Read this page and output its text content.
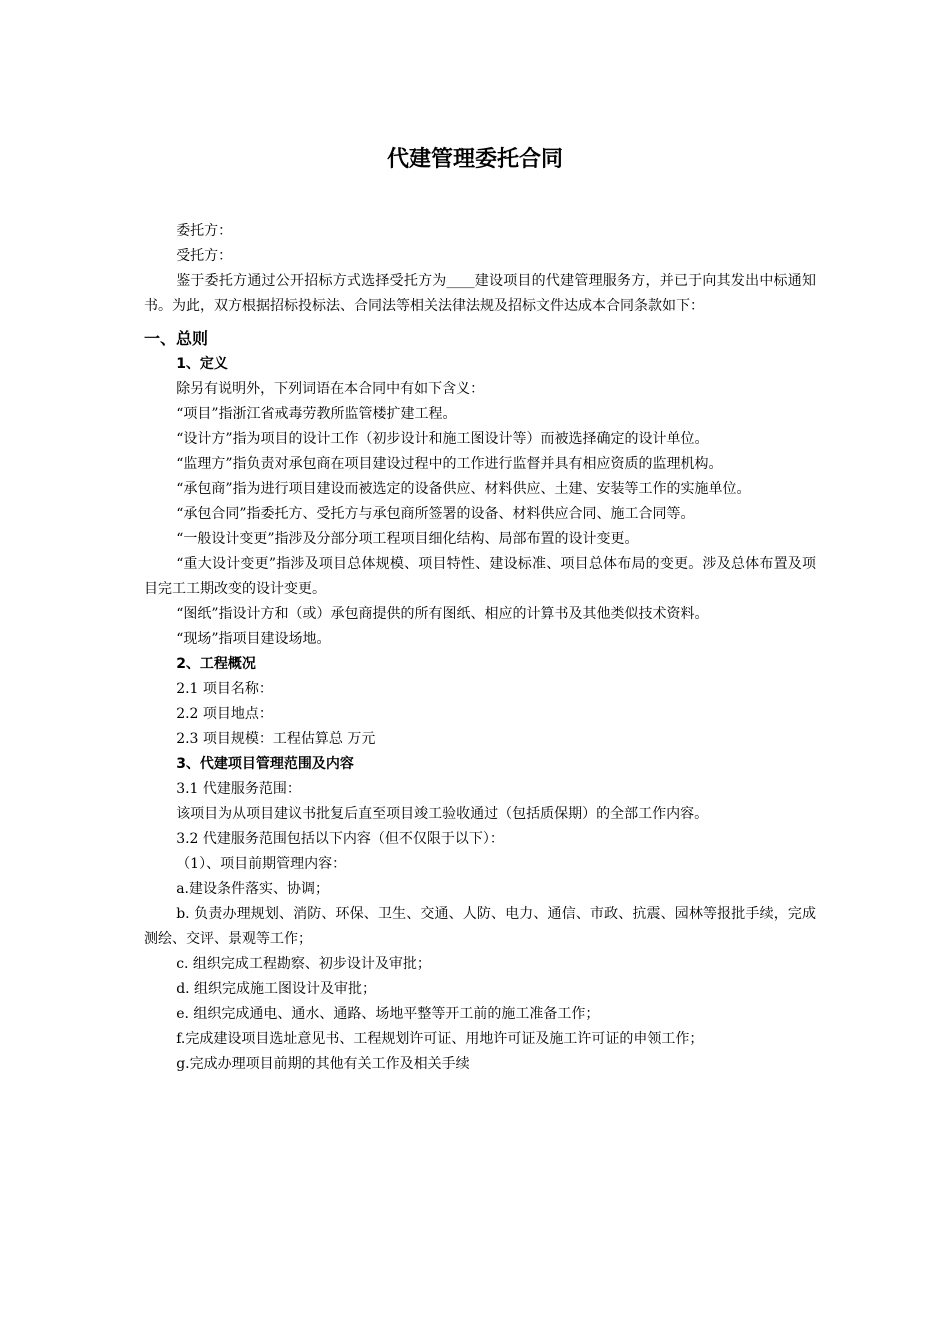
代建管理委托合同

委托方：

受托方：

鉴于委托方通过公开招标方式选择受托方为____建设项目的代建管理服务方，并已于向其发出中标通知书。为此，双方根据招标投标法、合同法等相关法律法规及招标文件达成本合同条款如下：

一、总则
1、定义

除另有说明外，下列词语在本合同中有如下含义：

“项目”指浙江省戒毒劳教所监管楼扩建工程。

“设计方”指为项目的设计工作（初步设计和施工图设计等）而被选择确定的设计单位。

“监理方”指负责对承包商在项目建设过程中的工作进行监督并具有相应资质的监理机构。

“承包商”指为进行项目建设而被选定的设备供应、材料供应、土建、安装等工作的实施单位。

“承包合同”指委托方、受托方与承包商所签署的设备、材料供应合同、施工合同等。

“一般设计变更”指涉及分部分项工程项目细化结构、局部布置的设计变更。

“重大设计变更”指涉及项目总体规模、项目特性、建设标准、项目总体布局的变更。涉及总体布置及项目完工工期改变的设计变更。

“图纸”指设计方和（或）承包商提供的所有图纸、相应的计算书及其他类似技术资料。

“现场”指项目建设场地。

2、工程概况

2.1 项目名称：

2.2 项目地点：

2.3 项目规模：工程估算总 万元

3、代建项目管理范围及内容

3.1 代建服务范围：

该项目为从项目建议书批复后直至项目竣工验收通过（包括质保期）的全部工作内容。

3.2 代建服务范围包括以下内容（但不仅限于以下）：

（1）、项目前期管理内容：

a.建设条件落实、协调；

b. 负责办理规划、消防、环保、卫生、交通、人防、电力、通信、市政、抗震、园林等报批手续，完成测绘、交评、景观等工作；

c. 组织完成工程勘察、初步设计及审批；

d. 组织完成施工图设计及审批；

e. 组织完成通电、通水、通路、场地平整等开工前的施工准备工作；

f.完成建设项目选址意见书、工程规划许可证、用地许可证及施工许可证的申领工作；

g.完成办理项目前期的其他有关工作及相关手续
